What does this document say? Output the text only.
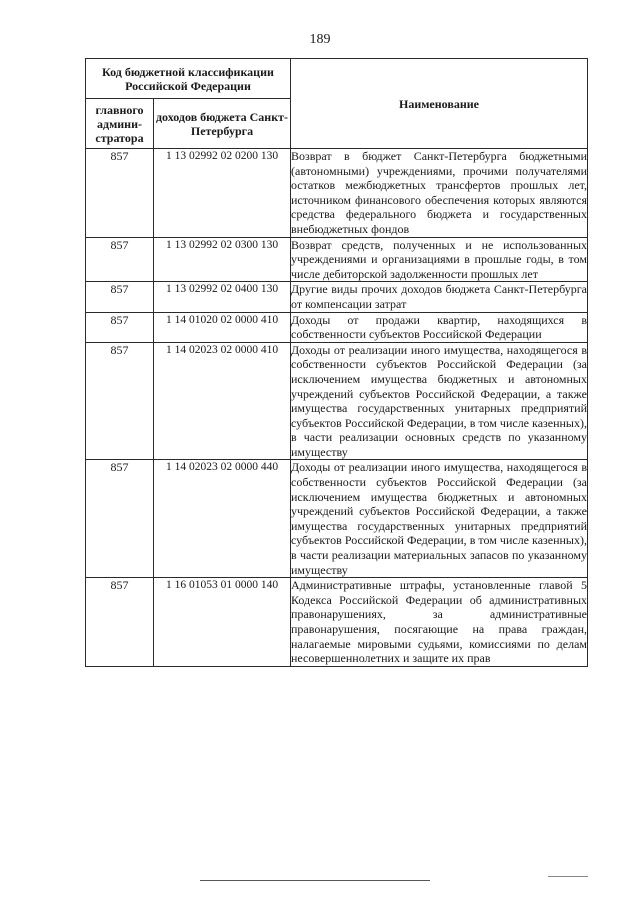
189
Код бюджетной классификации Российской Федерации		Наименование
главного админи-стратора	доходов бюджета Санкт-Петербурга	
857	1 13 02992 02 0200 130	Возврат в бюджет Санкт-Петербурга бюджетными (автономными) учреждениями, прочими получателями остатков межбюджетных трансфертов прошлых лет, источником финансового обеспечения которых являются средства федерального бюджета и государственных внебюджетных фондов
857	1 13 02992 02 0300 130	Возврат средств, полученных и не использованных учреждениями и организациями в прошлые годы, в том числе дебиторской задолженности прошлых лет
857	1 13 02992 02 0400 130	Другие виды прочих доходов бюджета Санкт-Петербурга от компенсации затрат
857	1 14 01020 02 0000 410	Доходы от продажи квартир, находящихся в собственности субъектов Российской Федерации
857	1 14 02023 02 0000 410	Доходы от реализации иного имущества, находящегося в собственности субъектов Российской Федерации (за исключением имущества бюджетных и автономных учреждений субъектов Российской Федерации, а также имущества государственных унитарных предприятий субъектов Российской Федерации, в том числе казенных), в части реализации основных средств по указанному имуществу
857	1 14 02023 02 0000 440	Доходы от реализации иного имущества, находящегося в собственности субъектов Российской Федерации (за исключением имущества бюджетных и автономных учреждений субъектов Российской Федерации, а также имущества государственных унитарных предприятий субъектов Российской Федерации, в том числе казенных), в части реализации материальных запасов по указанному имуществу
857	1 16 01053 01 0000 140	Административные штрафы, установленные главой 5 Кодекса Российской Федерации об административных правонарушениях, за административные правонарушения, посягающие на права граждан, налагаемые мировыми судьями, комиссиями по делам несовершеннолетних и защите их прав
